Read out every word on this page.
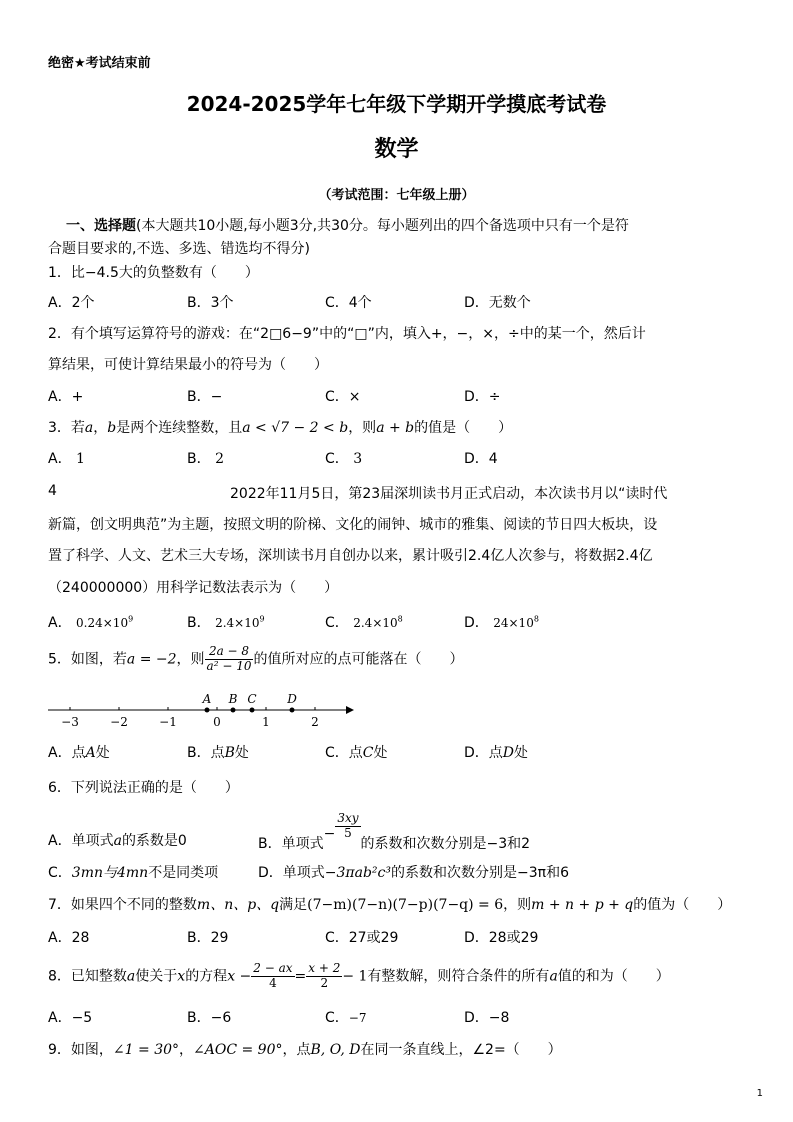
绝密★考试结束前
2024-2025学年七年级下学期开学摸底考试卷
数学
（考试范围：七年级上册）
一、选择题(本大题共10小题,每小题3分,共30分。每小题列出的四个备选项中只有一个是符
合题目要求的,不选、多选、错选均不得分)
1．比−4.5大的负整数有（　　）
A．2个	B．3个	C．4个	D．无数个
2．有个填写运算符号的游戏：在“2□6−9”中的“□”内，填入+，−，×，÷中的某一个，然后计
算结果，可使计算结果最小的符号为（　　）
A．+	B．−	C．×	D．÷
3．若a，b是两个连续整数，且a < √7 − 2 < b，则a + b的值是（　　）
A． 1	B． 2	C． 3	D．4
4	2022年11月5日，第23届深圳读书月正式启动，本次读书月以“读时代
新篇，创文明典范”为主题，按照文明的阶梯、文化的闹钟、城市的雅集、阅读的节日四大板块，设
置了科学、人文、艺术三大专场，深圳读书月自创办以来，累计吸引2.4亿人次参与，将数据2.4亿
（240000000）用科学记数法表示为（　　）
A． $0.24\times 10^9$	B． $2.4\times 10^9$	C． $2.4\times 10^8$	D． $24\times 10^8$
5．如图，若a = −2，则 $\frac{2a - 8}{\text{a² − 10}}$ 的值所对应的点可能落在（　　）
−3	−2	−1	0	1	2
A B C	D
A．点A处	B．点B处	C．点C处	D．点D处
6．下列说法正确的是（　　）
A．单项式a的系数是0	B．单项式− $\frac{3xy}{5}$
的系数和次数分别是−3和2
C．3mn与4mn不是同类项	D．单项式−3πab²c³的系数和次数分别是−3π和6
7．如果四个不同的整数m、n、p、q满足(7−m)(7−n)(7−p)(7−q) = 6，则m + n + p + q的值为（　　）
A．28	B．29	C．27或29	D．28或29
8．已知整数a使关于x的方程$x - \frac{2 - ax}{4} = \frac{x + 2}{2} - 1$有整数解，则符合条件的所有a值的和为（　　）
A．−5	B．−6	C．−7	D．−8
9．如图，∠1 = 30°，∠AOC = 90°，点B, O, D在同一条直线上，∠2=（　　）
1
